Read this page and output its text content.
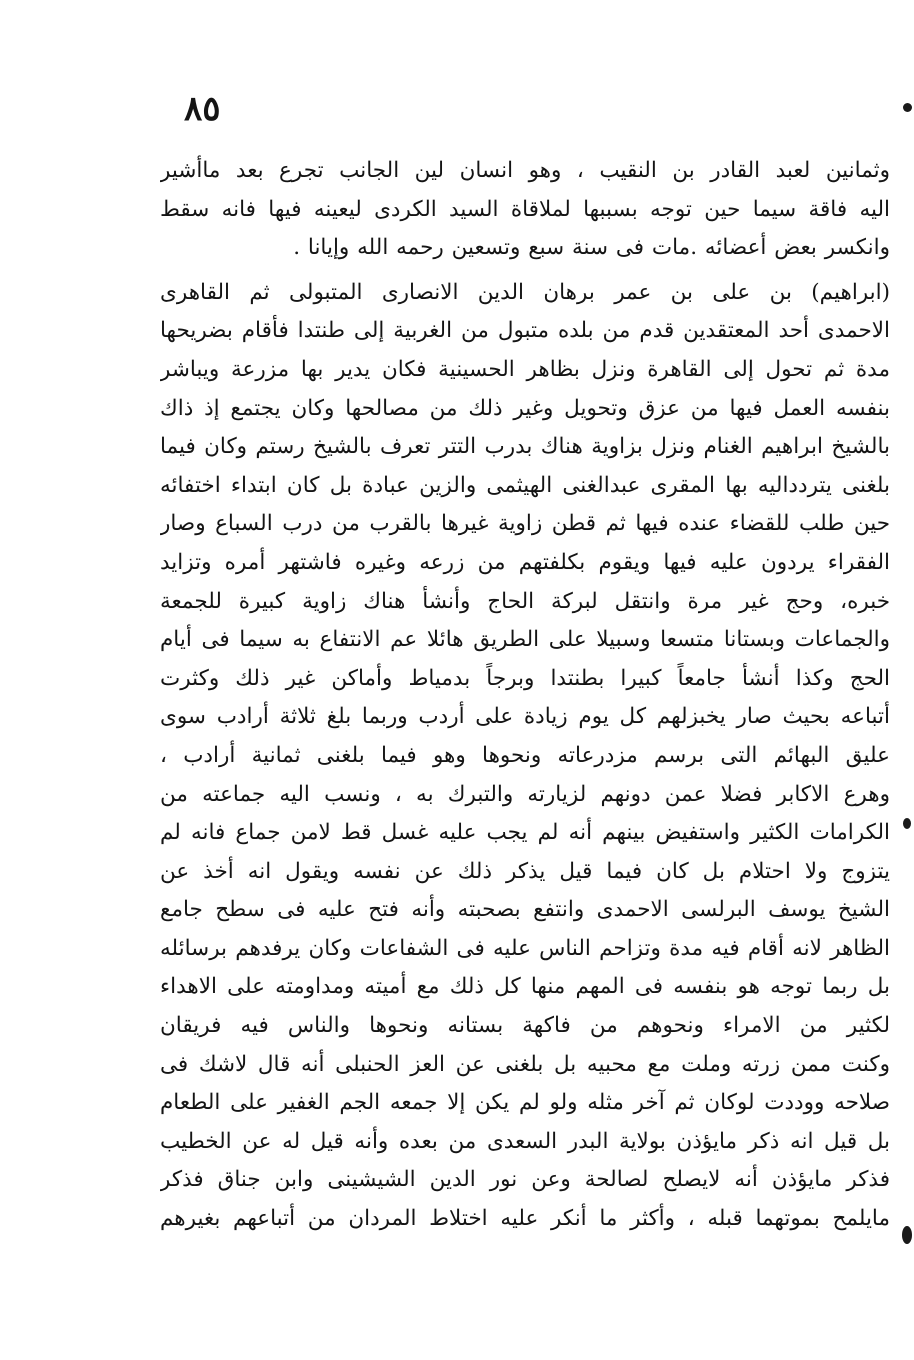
٨٥
وثمانين لعبد القادر بن النقيب ، وهو انسان لين الجانب تجرع بعد ماأشير
اليه فاقة سيما حين توجه بسببها لملاقاة السيد الكردى ليعينه فيها فانه سقط
وانكسر بعض أعضائه .مات فى سنة سبع وتسعين رحمه الله وإيانا .
(ابراهيم) بن على بن عمر برهان الدين الانصارى المتبولى ثم القاهرى
الاحمدى أحد المعتقدين قدم من بلده متبول من الغربية إلى طنتدا فأقام بضريحها
مدة ثم تحول إلى القاهرة ونزل بظاهر الحسينية فكان يدير بها مزرعة ويباشر
بنفسه العمل فيها من عزق وتحويل وغير ذلك من مصالحها وكان يجتمع إذ ذاك
بالشيخ ابراهيم الغنام ونزل بزاوية هناك بدرب التتر تعرف بالشيخ رستم وكان فيما
بلغنى يتردداليه بها المقرى عبدالغنى الهيثمى والزين عبادة بل كان ابتداء اختفائه
حين طلب للقضاء عنده فيها ثم قطن زاوية غيرها بالقرب من درب السباع وصار
الفقراء يردون عليه فيها ويقوم بكلفتهم من زرعه وغيره فاشتهر أمره وتزايد
خبره، وحج غير مرة وانتقل لبركة الحاج وأنشأ هناك زاوية كبيرة للجمعة
والجماعات وبستانا متسعا وسبيلا على الطريق هائلا عم الانتفاع به سيما فى أيام
الحج وكذا أنشأ جامعاً كبيرا بطنتدا وبرجاً بدمياط وأماكن غير ذلك وكثرت
أتباعه بحيث صار يخبزلهم كل يوم زيادة على أردب وربما بلغ ثلاثة أرادب سوى
عليق البهائم التى برسم مزدرعاته ونحوها وهو فيما بلغنى ثمانية أرادب ،
وهرع الاكابر فضلا عمن دونهم لزيارته والتبرك به ، ونسب اليه جماعته من
الكرامات الكثير واستفيض بينهم أنه لم يجب عليه غسل قط لامن جماع فانه لم
يتزوج ولا احتلام بل كان فيما قيل يذكر ذلك عن نفسه ويقول انه أخذ عن
الشيخ يوسف البرلسى الاحمدى وانتفع بصحبته وأنه فتح عليه فى سطح جامع
الظاهر لانه أقام فيه مدة وتزاحم الناس عليه فى الشفاعات وكان يرفدهم برسائله
بل ربما توجه هو بنفسه فى المهم منها كل ذلك مع أميته ومداومته على الاهداء
لكثير من الامراء ونحوهم من فاكهة بستانه ونحوها والناس فيه فريقان
وكنت ممن زرته وملت مع محبيه بل بلغنى عن العز الحنبلى أنه قال لاشك فى
صلاحه ووددت لوكان ثم آخر مثله ولو لم يكن إلا جمعه الجم الغفير على الطعام
بل قيل انه ذكر مايؤذن بولاية البدر السعدى من بعده وأنه قيل له عن الخطيب
فذكر مايؤذن أنه لايصلح لصالحة وعن نور الدين الشيشينى وابن جناق فذكر
مايلمح بموتهما قبله ، وأكثر ما أنكر عليه اختلاط المردان من أتباعهم بغيرهم
